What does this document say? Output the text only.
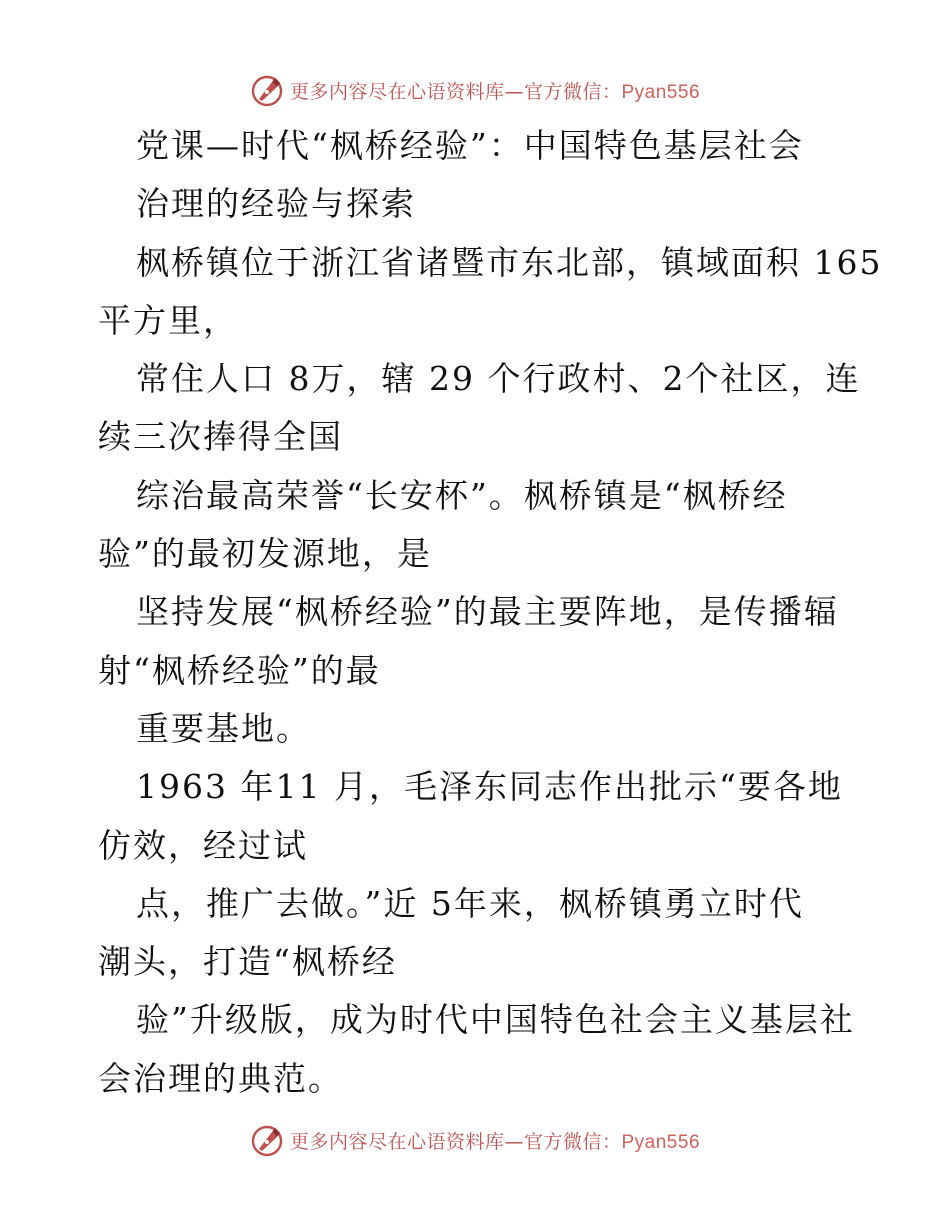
更多内容尽在心语资料库—官方微信：Pyan556
党课—时代“枫桥经验”：中国特色基层社会
治理的经验与探索
枫桥镇位于浙江省诸暨市东北部，镇域面积 165
平方里，
常住人口 8万，辖 29 个行政村、2个社区，连
续三次捧得全国
综治最高荣誉“长安杯”。枫桥镇是“枫桥经
验”的最初发源地，是
坚持发展“枫桥经验”的最主要阵地，是传播辐
射“枫桥经验”的最
重要基地。
1963 年11 月，毛泽东同志作出批示“要各地
仿效，经过试
点，推广去做。”近 5年来，枫桥镇勇立时代
潮头，打造“枫桥经
验”升级版，成为时代中国特色社会主义基层社
会治理的典范。
更多内容尽在心语资料库—官方微信：Pyan556
